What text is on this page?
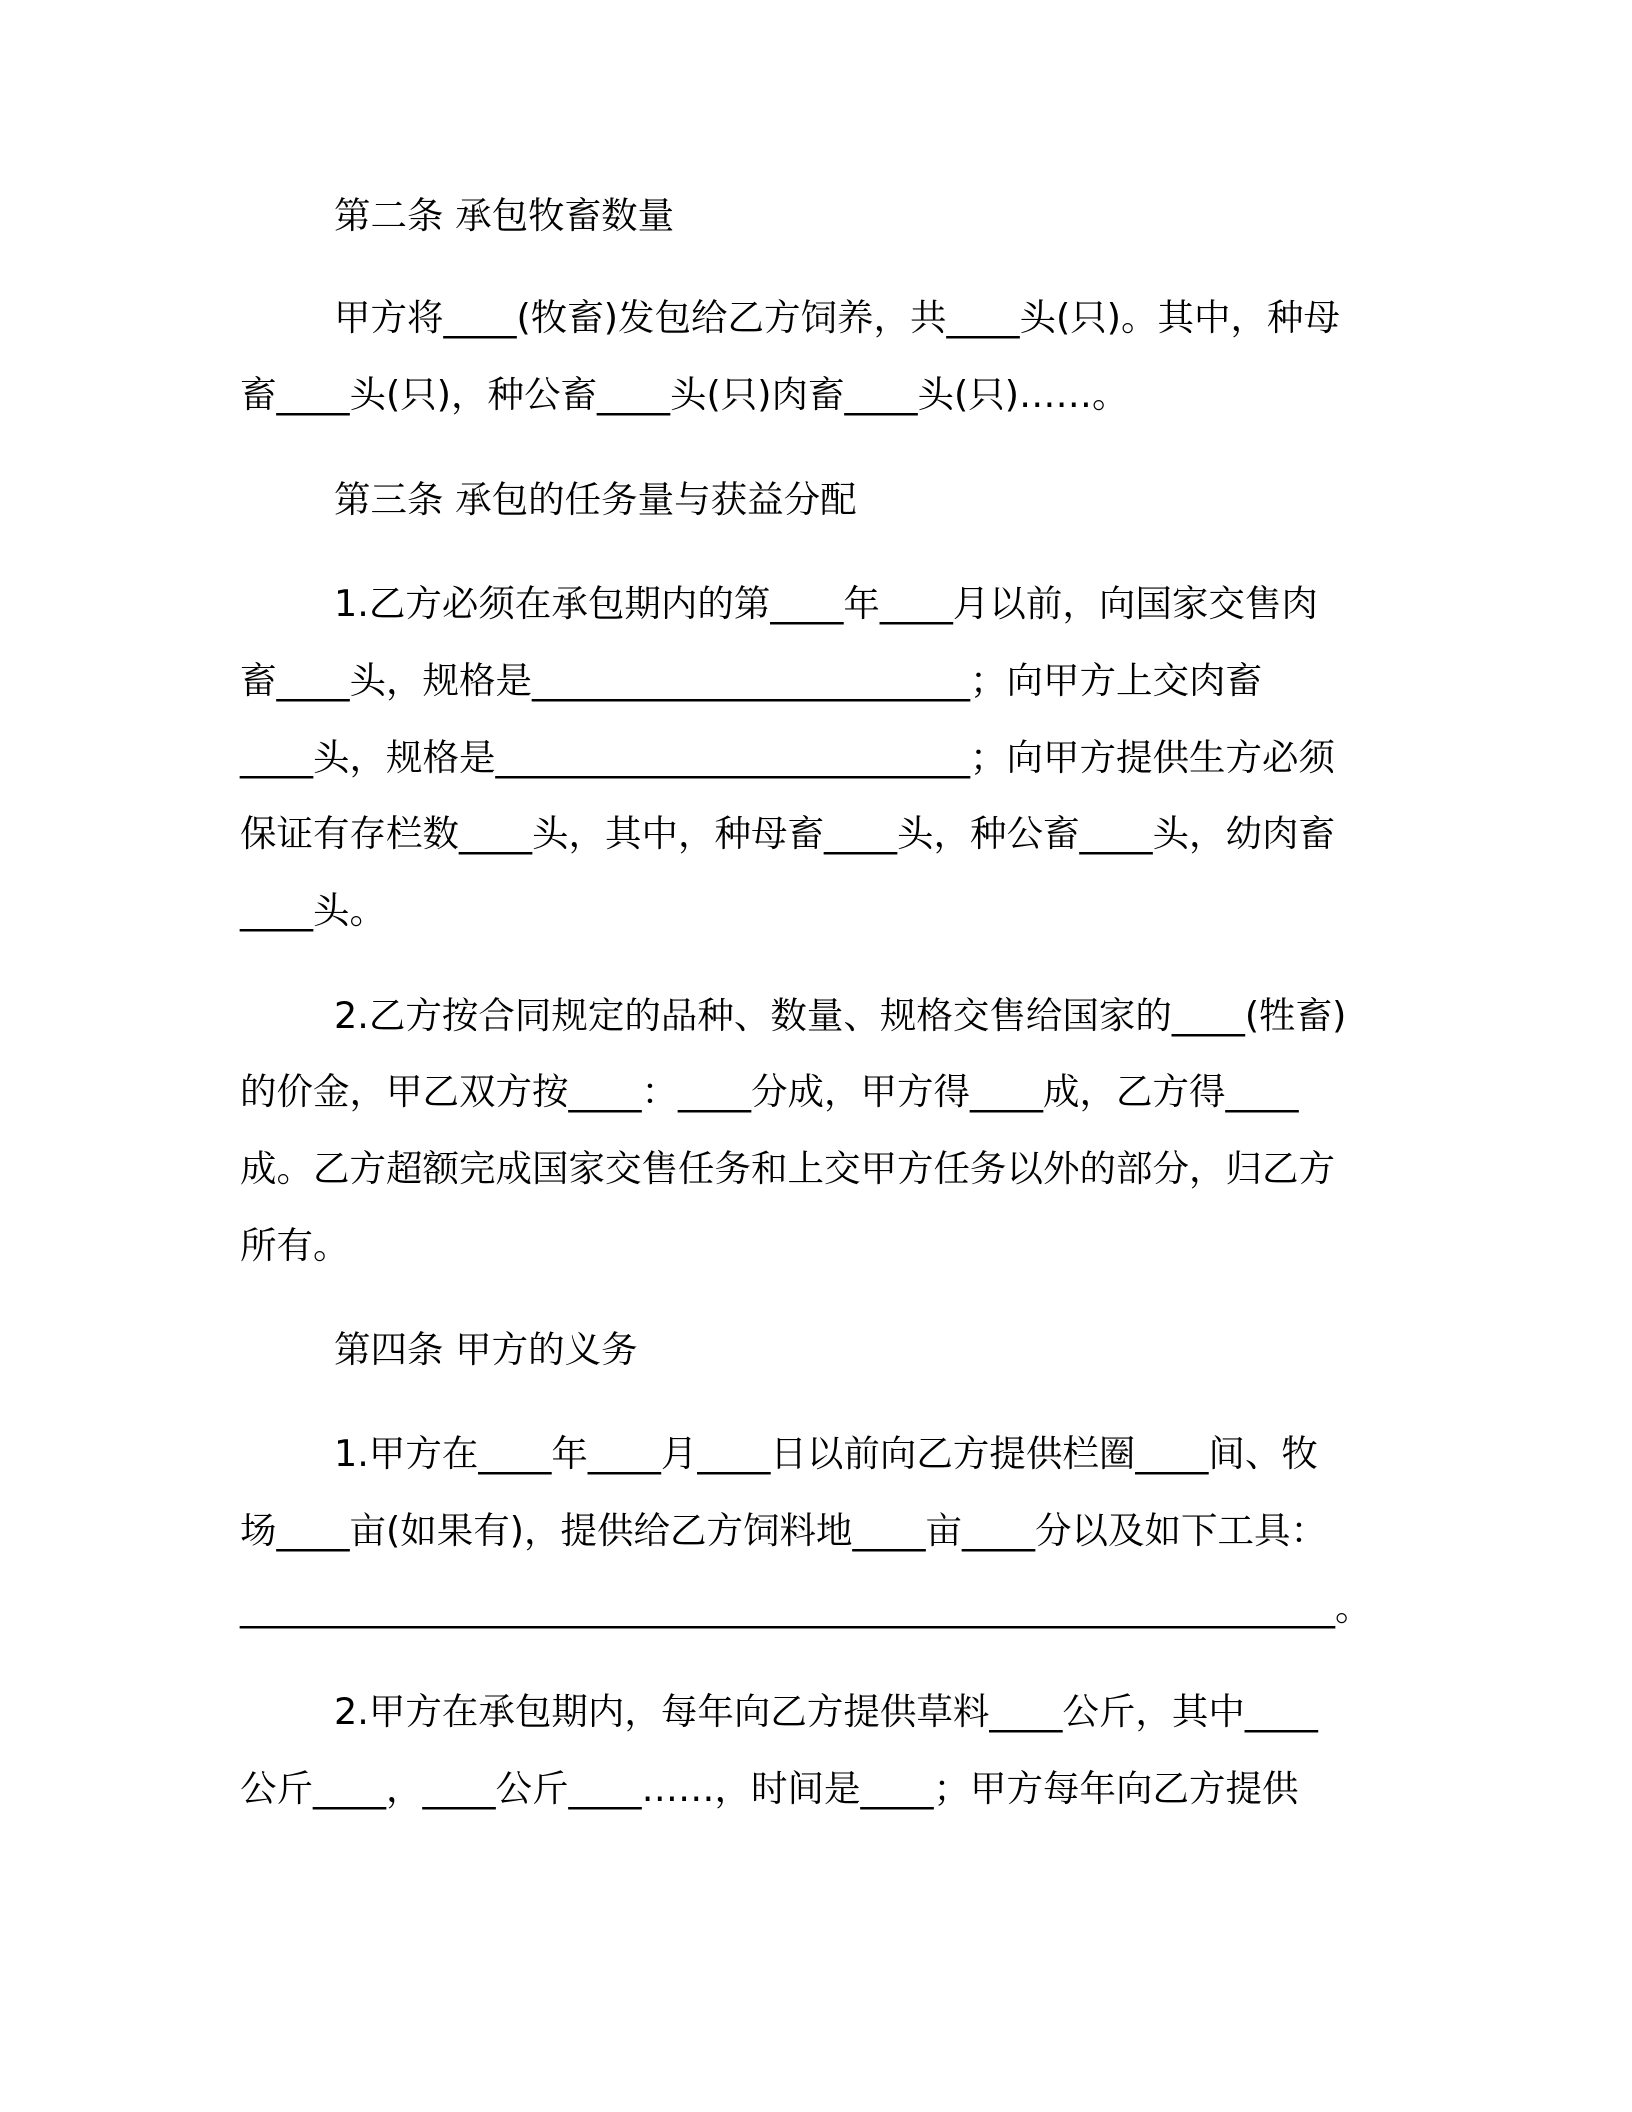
第二条 承包牧畜数量
甲方将____(牧畜)发包给乙方饲养，共____头(只)。其中，种母
畜____头(只)，种公畜____头(只)肉畜____头(只)……。
第三条 承包的任务量与获益分配
1.乙方必须在承包期内的第____年____月以前，向国家交售肉
畜____头，规格是________________________；向甲方上交肉畜
____头，规格是__________________________；向甲方提供生方必须
保证有存栏数____头，其中，种母畜____头，种公畜____头，幼肉畜
____头。
2.乙方按合同规定的品种、数量、规格交售给国家的____(牲畜)
的价金，甲乙双方按____：____分成，甲方得____成，乙方得____
成。乙方超额完成国家交售任务和上交甲方任务以外的部分，归乙方
所有。
第四条 甲方的义务
1.甲方在____年____月____日以前向乙方提供栏圈____间、牧
场____亩(如果有)，提供给乙方饲料地____亩____分以及如下工具：
____________________________________________________________。
2.甲方在承包期内，每年向乙方提供草料____公斤，其中____
公斤____，____公斤____……，时间是____；甲方每年向乙方提供
